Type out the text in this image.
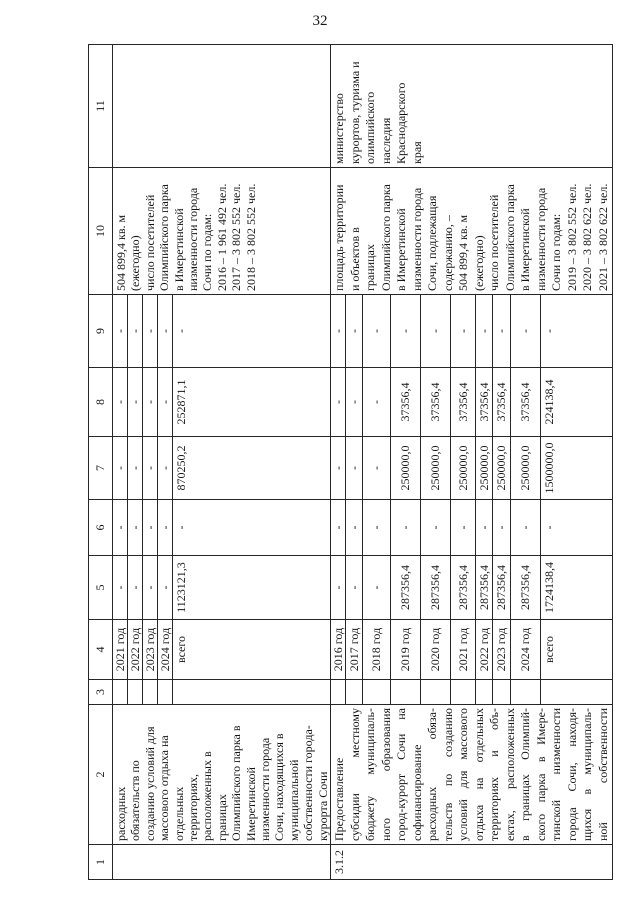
32
1
2
3
4
5
6
7
8
9
10
11
расходных обязательств по созданию условий для массового отдыха на отдельных территориях, расположенных в границах Олимпийского парка в Имеретинской низменности города Сочи, находящихся в муниципальной собственности города- курорта Сочи
2021 год
-
-
-
-
-
2022 год
-
-
-
-
-
2023 год
-
-
-
-
-
2024 год
-
-
-
-
-
всего
1123121,3
-
870250,2
252871,1
-
504 899,4 кв. м (ежегодно) число посетителей Олимпийского парка в Имеретинской низменности города Сочи по годам: 2016 – 1 961 492 чел. 2017 – 3 802 552 чел. 2018 – 3 802 552 чел.
3.1.2
Предоставление субсидии местному бюджету муниципаль- ного образования город-курорт Сочи на софинансирование расходных обяза- тельств по созданию условий для массового отдыха на отдельных территориях и объ- ектах, расположенных в границах Олимпий- ского парка в Имере- тинской низменности города Сочи, находя- щихся в муниципаль- ной собственности
2016 год
-
-
-
-
-
2017 год
-
-
-
-
-
2018 год
-
-
-
-
-
2019 год
287356,4
-
250000,0
37356,4
-
2020 год
287356,4
-
250000,0
37356,4
-
2021 год
287356,4
-
250000,0
37356,4
-
2022 год
287356,4
-
250000,0
37356,4
-
2023 год
287356,4
-
250000,0
37356,4
-
2024 год
287356,4
-
250000,0
37356,4
-
всего
1724138,4
-
1500000,0
224138,4
-
площадь территории и объектов в границах Олимпийского парка в Имеретинской низменности города Сочи, подлежащая содержанию, – 504 899,4 кв. м (ежегодно) число посетителей Олимпийского парка в Имеретинской низменности города Сочи по годам: 2019 – 3 802 552 чел. 2020 – 3 802 622 чел. 2021 – 3 802 622 чел.
министерство курортов, туризма и олимпийского наследия Краснодарского края
